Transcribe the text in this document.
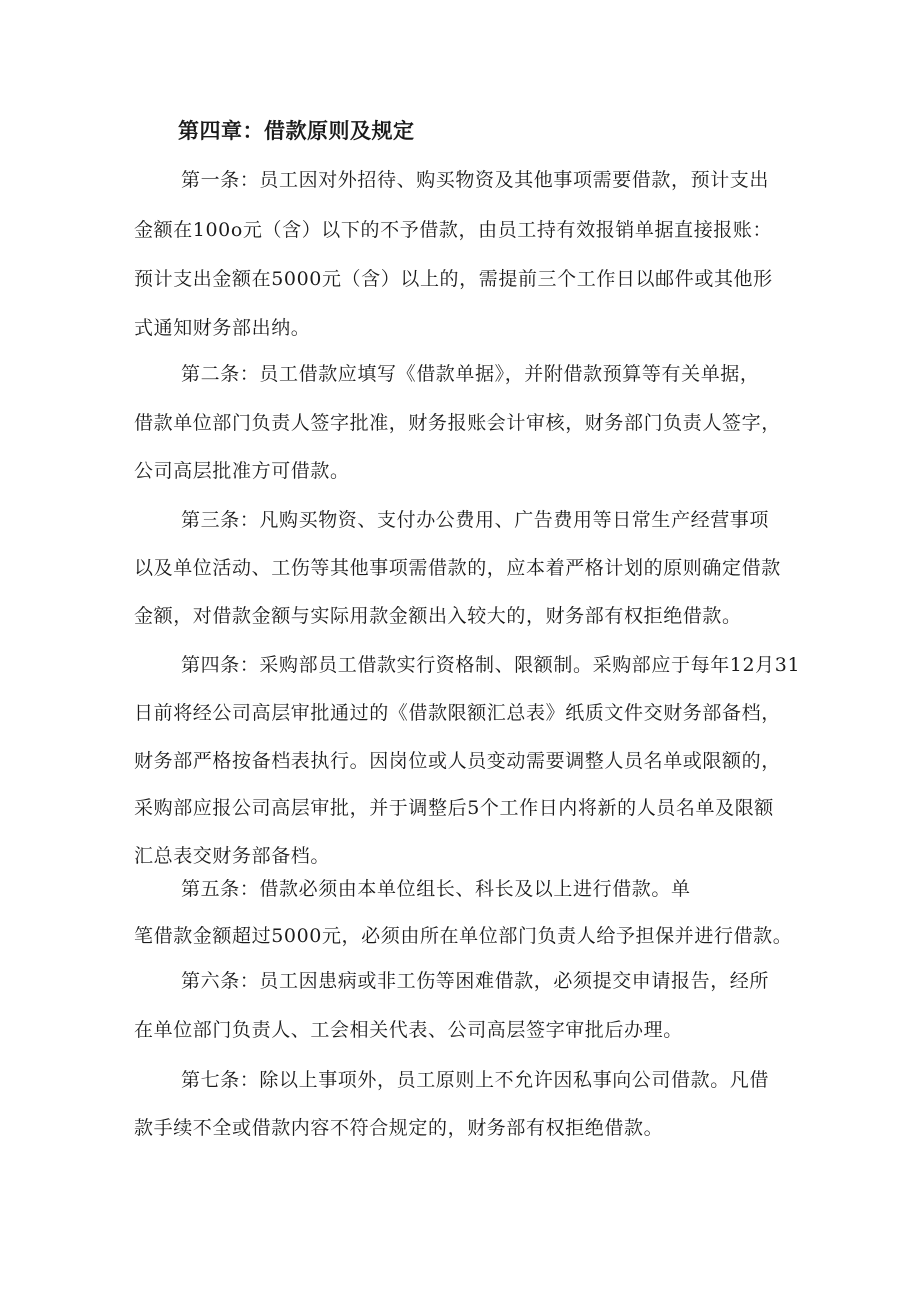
第四章：借款原则及规定
第一条：员工因对外招待、购买物资及其他事项需要借款，预计支出
金额在100o元（含）以下的不予借款，由员工持有效报销单据直接报账：
预计支出金额在5000元（含）以上的，需提前三个工作日以邮件或其他形
式通知财务部出纳。
第二条：员工借款应填写《借款单据》，并附借款预算等有关单据，
借款单位部门负责人签字批准，财务报账会计审核，财务部门负责人签字，
公司高层批准方可借款。
第三条：凡购买物资、支付办公费用、广告费用等日常生产经营事项
以及单位活动、工伤等其他事项需借款的，应本着严格计划的原则确定借款
金额，对借款金额与实际用款金额出入较大的，财务部有权拒绝借款。
第四条：采购部员工借款实行资格制、限额制。采购部应于每年12月31
日前将经公司高层审批通过的《借款限额汇总表》纸质文件交财务部备档，
财务部严格按备档表执行。因岗位或人员变动需要调整人员名单或限额的，
采购部应报公司高层审批，并于调整后5个工作日内将新的人员名单及限额
汇总表交财务部备档。
第五条：借款必须由本单位组长、科长及以上进行借款。单
笔借款金额超过5000元，必须由所在单位部门负责人给予担保并进行借款。
第六条：员工因患病或非工伤等困难借款，必须提交申请报告，经所
在单位部门负责人、工会相关代表、公司高层签字审批后办理。
第七条：除以上事项外，员工原则上不允许因私事向公司借款。凡借
款手续不全或借款内容不符合规定的，财务部有权拒绝借款。
